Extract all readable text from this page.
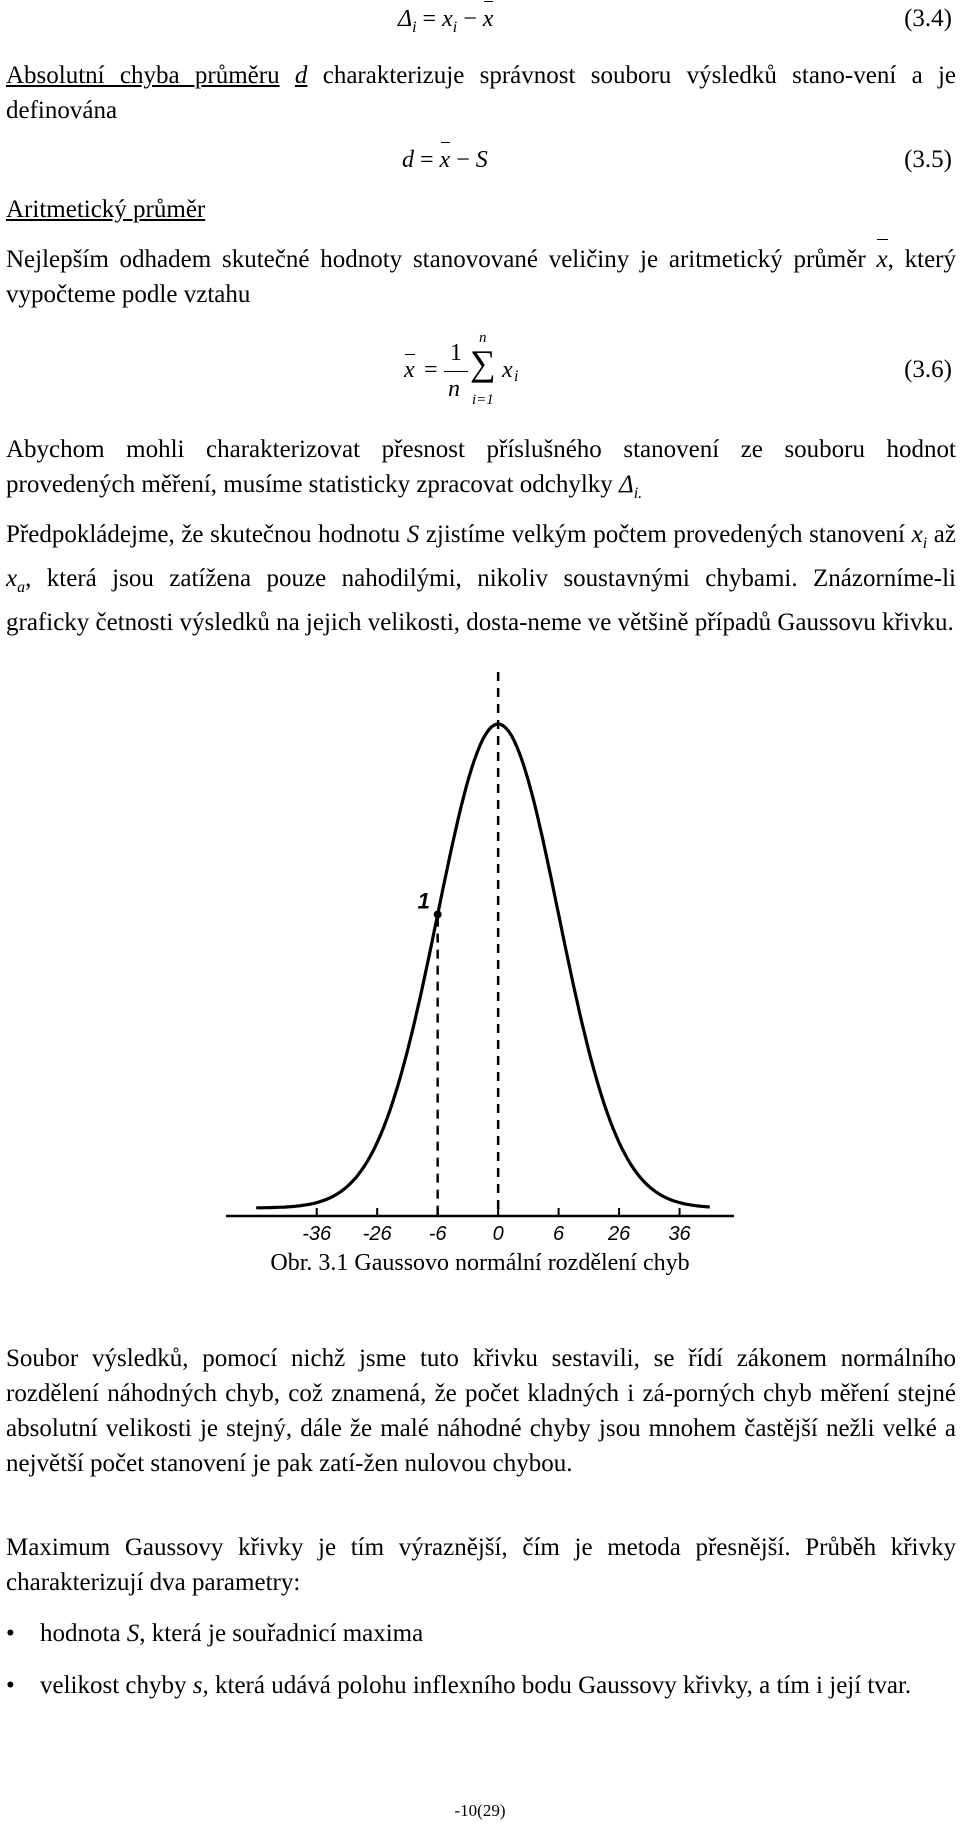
$\Delta_i = x_i - x$	(3.4)

Absolutní chyba průměru d charakterizuje správnost souboru výsledků stano-vení a je definována

d = x − S	(3.5)

Aritmetický průměr

Nejlepším odhadem skutečné hodnoty stanovované veličiny je aritmetický průměr x, který vypočteme podle vztahu

x =
1
n
n
∑
i=1
x i	(3.6)

Abychom mohli charakterizovat přesnost příslušného stanovení ze souboru hodnot provedených měření, musíme statisticky zpracovat odchylky $\Delta_{i.}$

Předpokládejme, že skutečnou hodnotu S zjistíme velkým počtem provedených stanovení $x_i$ až $x_a$, která jsou zatížena pouze nahodilými, nikoliv soustavnými chybami. Znázorníme-li graficky četnosti výsledků na jejich velikosti, dosta-neme ve většině případů Gaussovu křivku.

-36 -26 -6 0 6 26 36
1
Obr. 3.1 Gaussovo normální rozdělení chyb

Soubor výsledků, pomocí nichž jsme tuto křivku sestavili, se řídí zákonem normálního rozdělení náhodných chyb, což znamená, že počet kladných i zá-porných chyb měření stejné absolutní velikosti je stejný, dále že malé náhodné chyby jsou mnohem častější nežli velké a největší počet stanovení je pak zatí-žen nulovou chybou.

Maximum Gaussovy křivky je tím výraznější, čím je metoda přesnější. Průběh křivky charakterizují dva parametry:

•	hodnota S, která je souřadnicí maxima
•	velikost chyby s, která udává polohu inflexního bodu Gaussovy křivky, a tím i její tvar.
-10(29)
